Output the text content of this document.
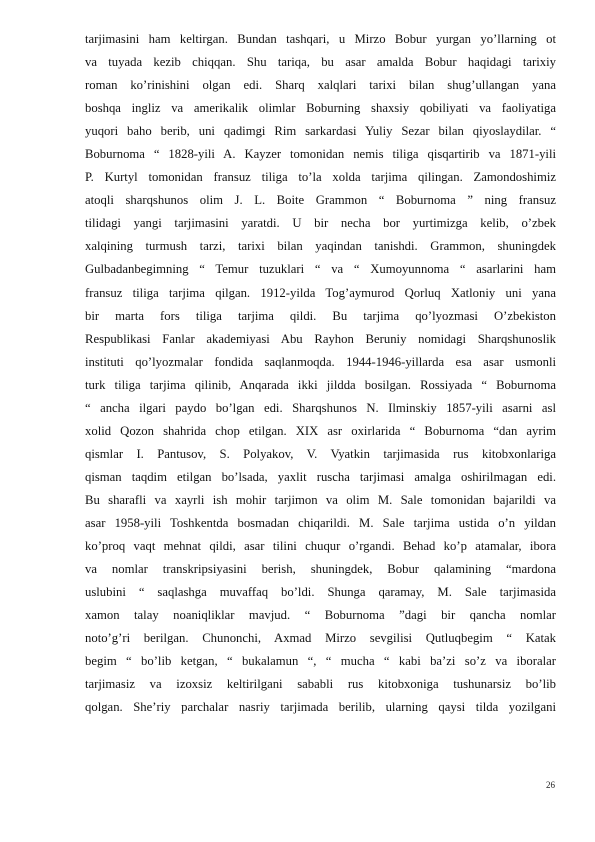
tarjimasini ham keltirgan. Bundan tashqari, u Mirzo Bobur yurgan yo’llarning ot
va tuyada kezib chiqqan. Shu tariqa, bu asar amalda Bobur haqidagi tarixiy
roman ko’rinishini olgan edi. Sharq xalqlari tarixi bilan shug’ullangan yana
boshqa ingliz va amerikalik olimlar Boburning shaxsiy qobiliyati va faoliyatiga
yuqori baho berib, uni qadimgi Rim sarkardasi Yuliy Sezar bilan qiyoslaydilar. “
Boburnoma “ 1828-yili A. Kayzer tomonidan nemis tiliga qisqartirib va 1871-yili
P. Kurtyl tomonidan fransuz tiliga to’la xolda tarjima qilingan. Zamondoshimiz
atoqli sharqshunos olim J. L. Boite Grammon “ Boburnoma ” ning fransuz
tilidagi yangi tarjimasini yaratdi. U bir necha bor yurtimizga kelib, o’zbek
xalqining turmush tarzi, tarixi bilan yaqindan tanishdi. Grammon, shuningdek
Gulbadanbegimning “ Temur tuzuklari “ va “ Xumoyunnoma “ asarlarini ham
fransuz tiliga tarjima qilgan. 1912-yilda Tog’aymurod Qorluq Xatloniy uni yana
bir marta fors tiliga tarjima qildi. Bu tarjima qo’lyozmasi O’zbekiston
Respublikasi Fanlar akademiyasi Abu Rayhon Beruniy nomidagi Sharqshunoslik
instituti qo’lyozmalar fondida saqlanmoqda. 1944-1946-yillarda esa asar usmonli
turk tiliga tarjima qilinib, Anqarada ikki jildda bosilgan. Rossiyada “ Boburnoma
“ ancha ilgari paydo bo’lgan edi. Sharqshunos N. Ilminskiy 1857-yili asarni asl
xolid Qozon shahrida chop etilgan. XIX asr oxirlarida “ Boburnoma “dan ayrim
qismlar I. Pantusov, S. Polyakov, V. Vyatkin tarjimasida rus kitobxonlariga
qisman taqdim etilgan bo’lsada, yaxlit ruscha tarjimasi amalga oshirilmagan edi.
Bu sharafli va xayrli ish mohir tarjimon va olim M. Sale tomonidan bajarildi va
asar 1958-yili Toshkentda bosmadan chiqarildi. M. Sale tarjima ustida o’n yildan
ko’proq vaqt mehnat qildi, asar tilini chuqur o’rgandi. Behad ko’p atamalar, ibora
va nomlar transkripsiyasini berish, shuningdek, Bobur qalamining “mardona
uslubini “ saqlashga muvaffaq bo’ldi. Shunga qaramay, M. Sale tarjimasida
xamon talay noaniqliklar mavjud. “ Boburnoma ”dagi bir qancha nomlar
noto’g’ri berilgan. Chunonchi, Axmad Mirzo sevgilisi Qutluqbegim “ Katak
begim “ bo’lib ketgan, “ bukalamun “, “ mucha “ kabi ba’zi so’z va iboralar
tarjimasiz va izoxsiz keltirilgani sababli rus kitobxoniga tushunarsiz bo’lib
qolgan. She’riy parchalar nasriy tarjimada berilib, ularning qaysi tilda yozilgani
26
